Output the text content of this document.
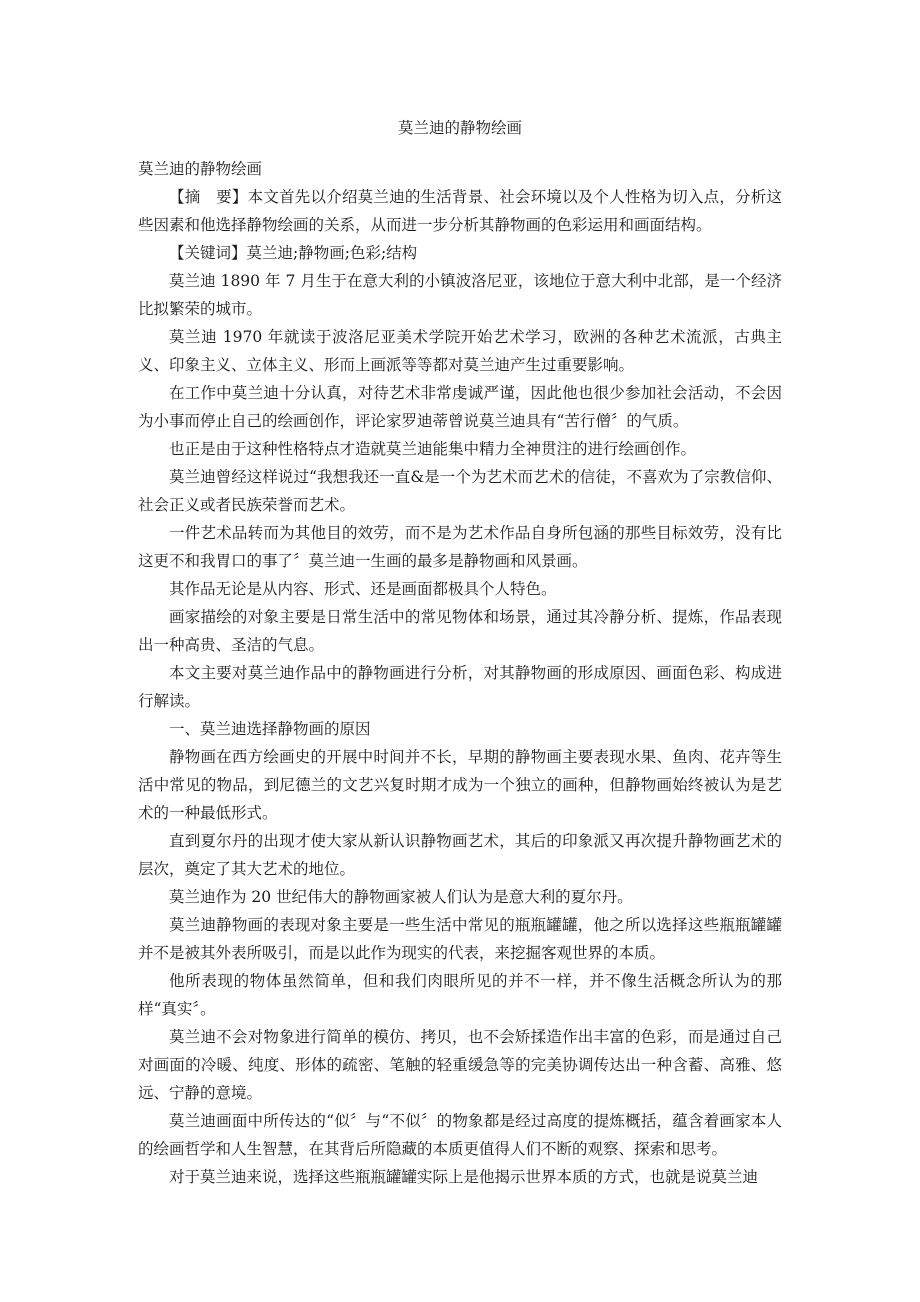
莫兰迪的静物绘画

莫兰迪的静物绘画

【摘　要】本文首先以介绍莫兰迪的生活背景、社会环境以及个人性格为切入点，分析这些因素和他选择静物绘画的关系，从而进一步分析其静物画的色彩运用和画面结构。

【关键词】莫兰迪;静物画;色彩;结构

莫兰迪 1890 年 7 月生于在意大利的小镇波洛尼亚，该地位于意大利中北部，是一个经济比拟繁荣的城市。

莫兰迪 1970 年就读于波洛尼亚美术学院开始艺术学习，欧洲的各种艺术流派，古典主义、印象主义、立体主义、形而上画派等等都对莫兰迪产生过重要影响。

在工作中莫兰迪十分认真，对待艺术非常虔诚严谨，因此他也很少参加社会活动，不会因为小事而停止自己的绘画创作，评论家罗迪蒂曾说莫兰迪具有“苦行僧〞的气质。

也正是由于这种性格特点才造就莫兰迪能集中精力全神贯注的进行绘画创作。

莫兰迪曾经这样说过“我想我还一直&是一个为艺术而艺术的信徒，不喜欢为了宗教信仰、社会正义或者民族荣誉而艺术。

一件艺术品转而为其他目的效劳，而不是为艺术作品自身所包涵的那些目标效劳，没有比这更不和我胃口的事了〞莫兰迪一生画的最多是静物画和风景画。

其作品无论是从内容、形式、还是画面都极具个人特色。

画家描绘的对象主要是日常生活中的常见物体和场景，通过其冷静分析、提炼，作品表现出一种高贵、圣洁的气息。

本文主要对莫兰迪作品中的静物画进行分析，对其静物画的形成原因、画面色彩、构成进行解读。

一、莫兰迪选择静物画的原因

静物画在西方绘画史的开展中时间并不长，早期的静物画主要表现水果、鱼肉、花卉等生活中常见的物品，到尼德兰的文艺兴复时期才成为一个独立的画种，但静物画始终被认为是艺术的一种最低形式。

直到夏尔丹的出现才使大家从新认识静物画艺术，其后的印象派又再次提升静物画艺术的层次，奠定了其大艺术的地位。

莫兰迪作为 20 世纪伟大的静物画家被人们认为是意大利的夏尔丹。

莫兰迪静物画的表现对象主要是一些生活中常见的瓶瓶罐罐，他之所以选择这些瓶瓶罐罐并不是被其外表所吸引，而是以此作为现实的代表，来挖掘客观世界的本质。

他所表现的物体虽然简单，但和我们肉眼所见的并不一样，并不像生活概念所认为的那样“真实〞。

莫兰迪不会对物象进行简单的模仿、拷贝，也不会矫揉造作出丰富的色彩，而是通过自己对画面的冷暖、纯度、形体的疏密、笔触的轻重缓急等的完美协调传达出一种含蓄、高雅、悠远、宁静的意境。

莫兰迪画面中所传达的“似〞与“不似〞的物象都是经过高度的提炼概括，蕴含着画家本人的绘画哲学和人生智慧，在其背后所隐藏的本质更值得人们不断的观察、探索和思考。

对于莫兰迪来说，选择这些瓶瓶罐罐实际上是他揭示世界本质的方式，也就是说莫兰迪
